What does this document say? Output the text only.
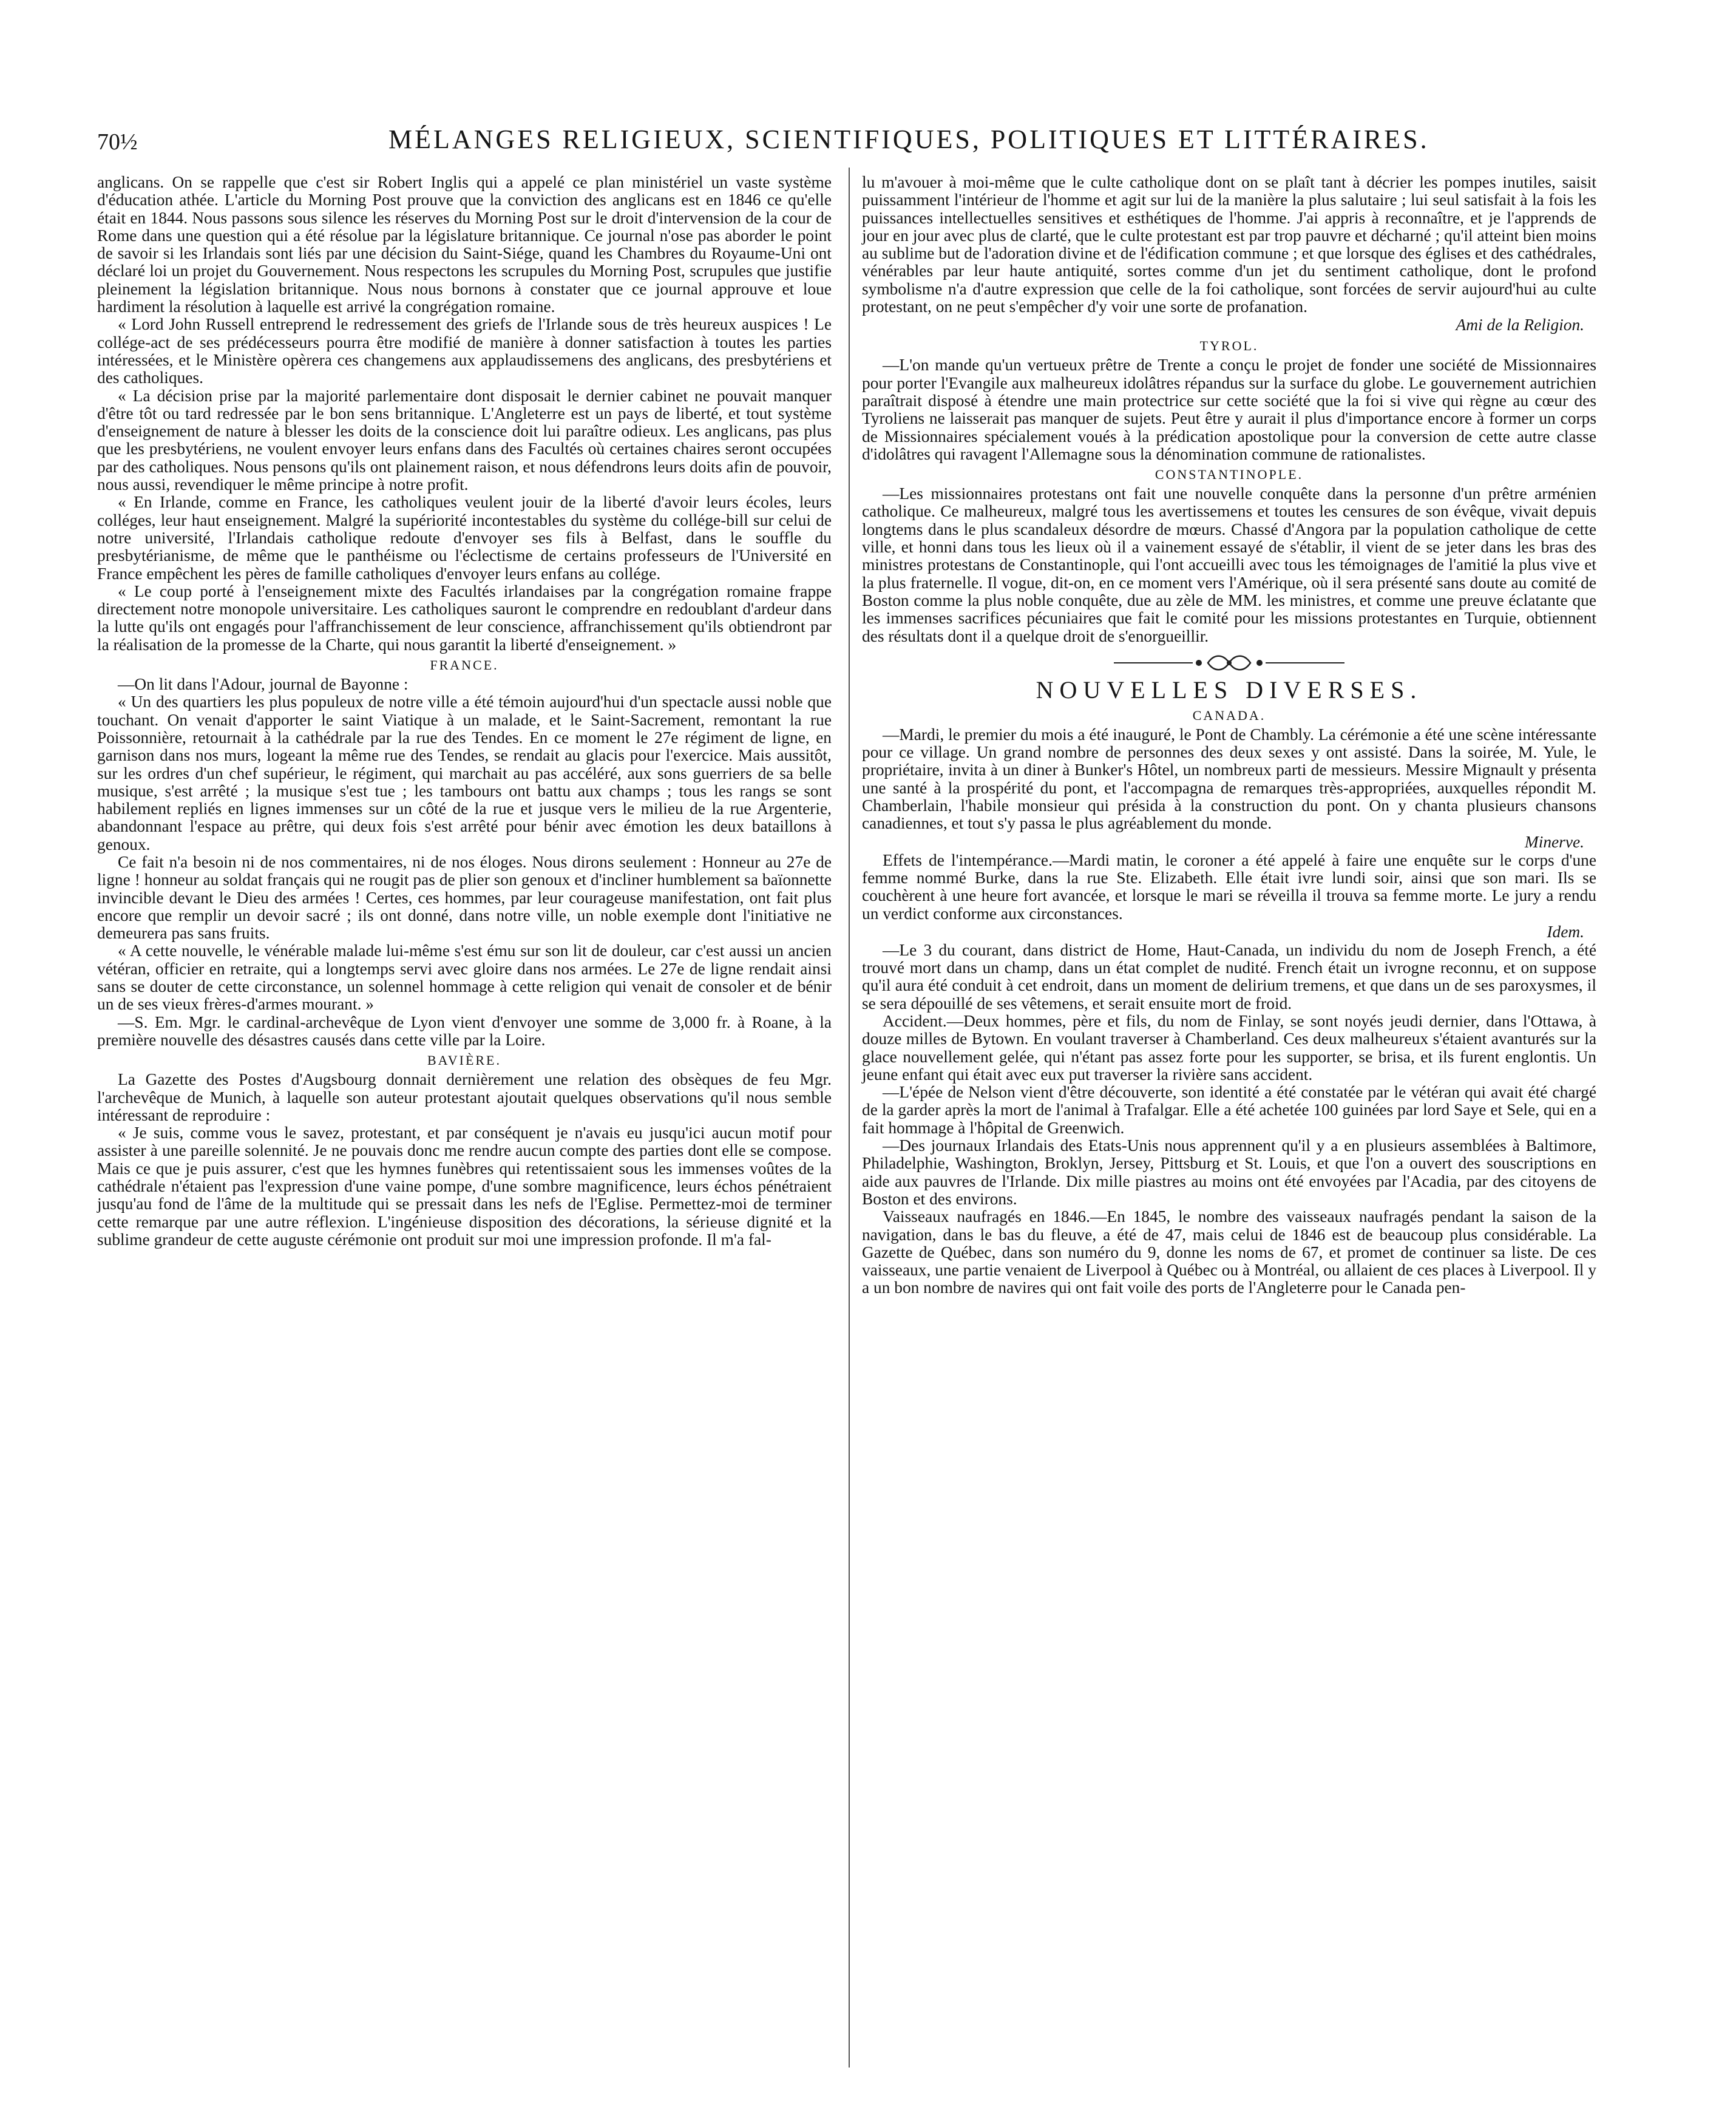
70½	MÉLANGES RELIGIEUX, SCIENTIFIQUES, POLITIQUES ET LITTÉRAIRES.

anglicans. On se rappelle que c'est sir Robert Inglis qui a appelé ce plan ministériel un vaste système d'éducation athée. L'article du Morning Post prouve que la conviction des anglicans est en 1846 ce qu'elle était en 1844. Nous passons sous silence les réserves du Morning Post sur le droit d'intervension de la cour de Rome dans une question qui a été résolue par la législature britannique. Ce journal n'ose pas aborder le point de savoir si les Irlandais sont liés par une décision du Saint-Siége, quand les Chambres du Royaume-Uni ont déclaré loi un projet du Gouvernement. Nous respectons les scrupules du Morning Post, scrupules que justifie pleinement la législation britannique. Nous nous bornons à constater que ce journal approuve et loue hardiment la résolution à laquelle est arrivé la congrégation romaine.

« Lord John Russell entreprend le redressement des griefs de l'Irlande sous de très heureux auspices ! Le collége-act de ses prédécesseurs pourra être modifié de manière à donner satisfaction à toutes les parties intéressées, et le Ministère opèrera ces changemens aux applaudissemens des anglicans, des presbytériens et des catholiques.

« La décision prise par la majorité parlementaire dont disposait le dernier cabinet ne pouvait manquer d'être tôt ou tard redressée par le bon sens britannique. L'Angleterre est un pays de liberté, et tout système d'enseignement de nature à blesser les doits de la conscience doit lui paraître odieux. Les anglicans, pas plus que les presbytériens, ne voulent envoyer leurs enfans dans des Facultés où certaines chaires seront occupées par des catholiques. Nous pensons qu'ils ont plainement raison, et nous défendrons leurs doits afin de pouvoir, nous aussi, revendiquer le même principe à notre profit.

« En Irlande, comme en France, les catholiques veulent jouir de la liberté d'avoir leurs écoles, leurs colléges, leur haut enseignement. Malgré la supériorité incontestables du système du collége-bill sur celui de notre université, l'Irlandais catholique redoute d'envoyer ses fils à Belfast, dans le souffle du presbytérianisme, de même que le panthéisme ou l'éclectisme de certains professeurs de l'Université en France empêchent les pères de famille catholiques d'envoyer leurs enfans au collége.

« Le coup porté à l'enseignement mixte des Facultés irlandaises par la congrégation romaine frappe directement notre monopole universitaire. Les catholiques sauront le comprendre en redoublant d'ardeur dans la lutte qu'ils ont engagés pour l'affranchissement de leur conscience, affranchissement qu'ils obtiendront par la réalisation de la promesse de la Charte, qui nous garantit la liberté d'enseignement. »

FRANCE.

—On lit dans l'Adour, journal de Bayonne :

« Un des quartiers les plus populeux de notre ville a été témoin aujourd'hui d'un spectacle aussi noble que touchant. On venait d'apporter le saint Viatique à un malade, et le Saint-Sacrement, remontant la rue Poissonnière, retournait à la cathédrale par la rue des Tendes. En ce moment le 27e régiment de ligne, en garnison dans nos murs, logeant la même rue des Tendes, se rendait au glacis pour l'exercice. Mais aussitôt, sur les ordres d'un chef supérieur, le régiment, qui marchait au pas accéléré, aux sons guerriers de sa belle musique, s'est arrêté ; la musique s'est tue ; les tambours ont battu aux champs ; tous les rangs se sont habilement repliés en lignes immenses sur un côté de la rue et jusque vers le milieu de la rue Argenterie, abandonnant l'espace au prêtre, qui deux fois s'est arrêté pour bénir avec émotion les deux bataillons à genoux.

Ce fait n'a besoin ni de nos commentaires, ni de nos éloges. Nous dirons seulement : Honneur au 27e de ligne ! honneur au soldat français qui ne rougit pas de plier son genoux et d'incliner humblement sa baïonnette invincible devant le Dieu des armées ! Certes, ces hommes, par leur courageuse manifestation, ont fait plus encore que remplir un devoir sacré ; ils ont donné, dans notre ville, un noble exemple dont l'initiative ne demeurera pas sans fruits.

« A cette nouvelle, le vénérable malade lui-même s'est ému sur son lit de douleur, car c'est aussi un ancien vétéran, officier en retraite, qui a longtemps servi avec gloire dans nos armées. Le 27e de ligne rendait ainsi sans se douter de cette circonstance, un solennel hommage à cette religion qui venait de consoler et de bénir un de ses vieux frères-d'armes mourant. »

—S. Em. Mgr. le cardinal-archevêque de Lyon vient d'envoyer une somme de 3,000 fr. à Roane, à la première nouvelle des désastres causés dans cette ville par la Loire.

BAVIÈRE.

La Gazette des Postes d'Augsbourg donnait dernièrement une relation des obsèques de feu Mgr. l'archevêque de Munich, à laquelle son auteur protestant ajoutait quelques observations qu'il nous semble intéressant de reproduire :

« Je suis, comme vous le savez, protestant, et par conséquent je n'avais eu jusqu'ici aucun motif pour assister à une pareille solennité. Je ne pouvais donc me rendre aucun compte des parties dont elle se compose. Mais ce que je puis assurer, c'est que les hymnes funèbres qui retentissaient sous les immenses voûtes de la cathédrale n'étaient pas l'expression d'une vaine pompe, d'une sombre magnificence, leurs échos pénétraient jusqu'au fond de l'âme de la multitude qui se pressait dans les nefs de l'Eglise. Permettez-moi de terminer cette remarque par une autre réflexion. L'ingénieuse disposition des décorations, la sérieuse dignité et la sublime grandeur de cette auguste cérémonie ont produit sur moi une impression profonde. Il m'a fal-

lu m'avouer à moi-même que le culte catholique dont on se plaît tant à décrier les pompes inutiles, saisit puissamment l'intérieur de l'homme et agit sur lui de la manière la plus salutaire ; lui seul satisfait à la fois les puissances intellectuelles sensitives et esthétiques de l'homme. J'ai appris à reconnaître, et je l'apprends de jour en jour avec plus de clarté, que le culte protestant est par trop pauvre et décharné ; qu'il atteint bien moins au sublime but de l'adoration divine et de l'édification commune ; et que lorsque des églises et des cathédrales, vénérables par leur haute antiquité, sortes comme d'un jet du sentiment catholique, dont le profond symbolisme n'a d'autre expression que celle de la foi catholique, sont forcées de servir aujourd'hui au culte protestant, on ne peut s'empêcher d'y voir une sorte de profanation.

Ami de la Religion.

TYROL.

—L'on mande qu'un vertueux prêtre de Trente a conçu le projet de fonder une société de Missionnaires pour porter l'Evangile aux malheureux idolâtres répandus sur la surface du globe. Le gouvernement autrichien paraîtrait disposé à étendre une main protectrice sur cette société que la foi si vive qui règne au cœur des Tyroliens ne laisserait pas manquer de sujets. Peut être y aurait il plus d'importance encore à former un corps de Missionnaires spécialement voués à la prédication apostolique pour la conversion de cette autre classe d'idolâtres qui ravagent l'Allemagne sous la dénomination commune de rationalistes.

CONSTANTINOPLE.

—Les missionnaires protestans ont fait une nouvelle conquête dans la personne d'un prêtre arménien catholique. Ce malheureux, malgré tous les avertissemens et toutes les censures de son évêque, vivait depuis longtems dans le plus scandaleux désordre de mœurs. Chassé d'Angora par la population catholique de cette ville, et honni dans tous les lieux où il a vainement essayé de s'établir, il vient de se jeter dans les bras des ministres protestans de Constantinople, qui l'ont accueilli avec tous les témoignages de l'amitié la plus vive et la plus fraternelle. Il vogue, dit-on, en ce moment vers l'Amérique, où il sera présenté sans doute au comité de Boston comme la plus noble conquête, due au zèle de MM. les ministres, et comme une preuve éclatante que les immenses sacrifices pécuniaires que fait le comité pour les missions protestantes en Turquie, obtiennent des résultats dont il a quelque droit de s'enorgueillir.

NOUVELLES DIVERSES.
CANADA.

—Mardi, le premier du mois a été inauguré, le Pont de Chambly. La cérémonie a été une scène intéressante pour ce village. Un grand nombre de personnes des deux sexes y ont assisté. Dans la soirée, M. Yule, le propriétaire, invita à un diner à Bunker's Hôtel, un nombreux parti de messieurs. Messire Mignault y présenta une santé à la prospérité du pont, et l'accompagna de remarques très-appropriées, auxquelles répondit M. Chamberlain, l'habile monsieur qui présida à la construction du pont. On y chanta plusieurs chansons canadiennes, et tout s'y passa le plus agréablement du monde.

Minerve.

Effets de l'intempérance.—Mardi matin, le coroner a été appelé à faire une enquête sur le corps d'une femme nommé Burke, dans la rue Ste. Elizabeth. Elle était ivre lundi soir, ainsi que son mari. Ils se couchèrent à une heure fort avancée, et lorsque le mari se réveilla il trouva sa femme morte. Le jury a rendu un verdict conforme aux circonstances.

Idem.

—Le 3 du courant, dans district de Home, Haut-Canada, un individu du nom de Joseph French, a été trouvé mort dans un champ, dans un état complet de nudité. French était un ivrogne reconnu, et on suppose qu'il aura été conduit à cet endroit, dans un moment de delirium tremens, et que dans un de ses paroxysmes, il se sera dépouillé de ses vêtemens, et serait ensuite mort de froid.

Accident.—Deux hommes, père et fils, du nom de Finlay, se sont noyés jeudi dernier, dans l'Ottawa, à douze milles de Bytown. En voulant traverser à Chamberland. Ces deux malheureux s'étaient avanturés sur la glace nouvellement gelée, qui n'étant pas assez forte pour les supporter, se brisa, et ils furent englontis. Un jeune enfant qui était avec eux put traverser la rivière sans accident.

—L'épée de Nelson vient d'être découverte, son identité a été constatée par le vétéran qui avait été chargé de la garder après la mort de l'animal à Trafalgar. Elle a été achetée 100 guinées par lord Saye et Sele, qui en a fait hommage à l'hôpital de Greenwich.

—Des journaux Irlandais des Etats-Unis nous apprennent qu'il y a en plusieurs assemblées à Baltimore, Philadelphie, Washington, Broklyn, Jersey, Pittsburg et St. Louis, et que l'on a ouvert des souscriptions en aide aux pauvres de l'Irlande. Dix mille piastres au moins ont été envoyées par l'Acadia, par des citoyens de Boston et des environs.

Vaisseaux naufragés en 1846.—En 1845, le nombre des vaisseaux naufragés pendant la saison de la navigation, dans le bas du fleuve, a été de 47, mais celui de 1846 est de beaucoup plus considérable. La Gazette de Québec, dans son numéro du 9, donne les noms de 67, et promet de continuer sa liste. De ces vaisseaux, une partie venaient de Liverpool à Québec ou à Montréal, ou allaient de ces places à Liverpool. Il y a un bon nombre de navires qui ont fait voile des ports de l'Angleterre pour le Canada pen-
